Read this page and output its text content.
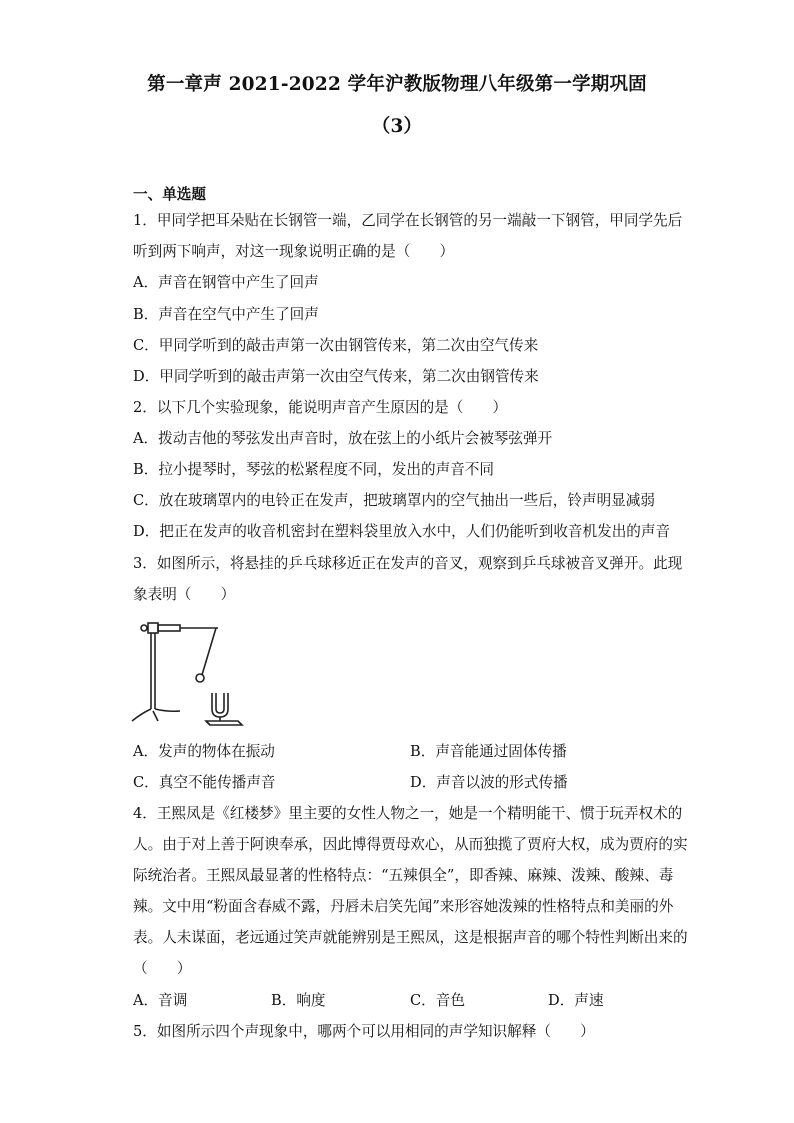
第一章声 2021-2022 学年沪教版物理八年级第一学期巩固
（3）
一、单选题
1．甲同学把耳朵贴在长钢管一端，乙同学在长钢管的另一端敲一下钢管，甲同学先后
听到两下响声，对这一现象说明正确的是（　　）
A．声音在钢管中产生了回声
B．声音在空气中产生了回声
C．甲同学听到的敲击声第一次由钢管传来，第二次由空气传来
D．甲同学听到的敲击声第一次由空气传来，第二次由钢管传来
2．以下几个实验现象，能说明声音产生原因的是（　　）
A．拨动吉他的琴弦发出声音时，放在弦上的小纸片会被琴弦弹开
B．拉小提琴时，琴弦的松紧程度不同，发出的声音不同
C．放在玻璃罩内的电铃正在发声，把玻璃罩内的空气抽出一些后，铃声明显减弱
D．把正在发声的收音机密封在塑料袋里放入水中，人们仍能听到收音机发出的声音
3．如图所示，将悬挂的乒乓球移近正在发声的音叉，观察到乒乓球被音叉弹开。此现
象表明（　　）
A．发声的物体在振动	B．声音能通过固体传播
C．真空不能传播声音	D．声音以波的形式传播
4．王熙凤是《红楼梦》里主要的女性人物之一，她是一个精明能干、惯于玩弄权术的
人。由于对上善于阿谀奉承，因此博得贾母欢心，从而独揽了贾府大权，成为贾府的实
际统治者。王熙凤最显著的性格特点：“五辣俱全”，即香辣、麻辣、泼辣、酸辣、毒
辣。文中用“粉面含春威不露，丹唇未启笑先闻”来形容她泼辣的性格特点和美丽的外
表。人未谋面，老远通过笑声就能辨别是王熙凤，这是根据声音的哪个特性判断出来的
（　　）
A．音调	B．响度	C．音色	D．声速
5．如图所示四个声现象中，哪两个可以用相同的声学知识解释（　　）
